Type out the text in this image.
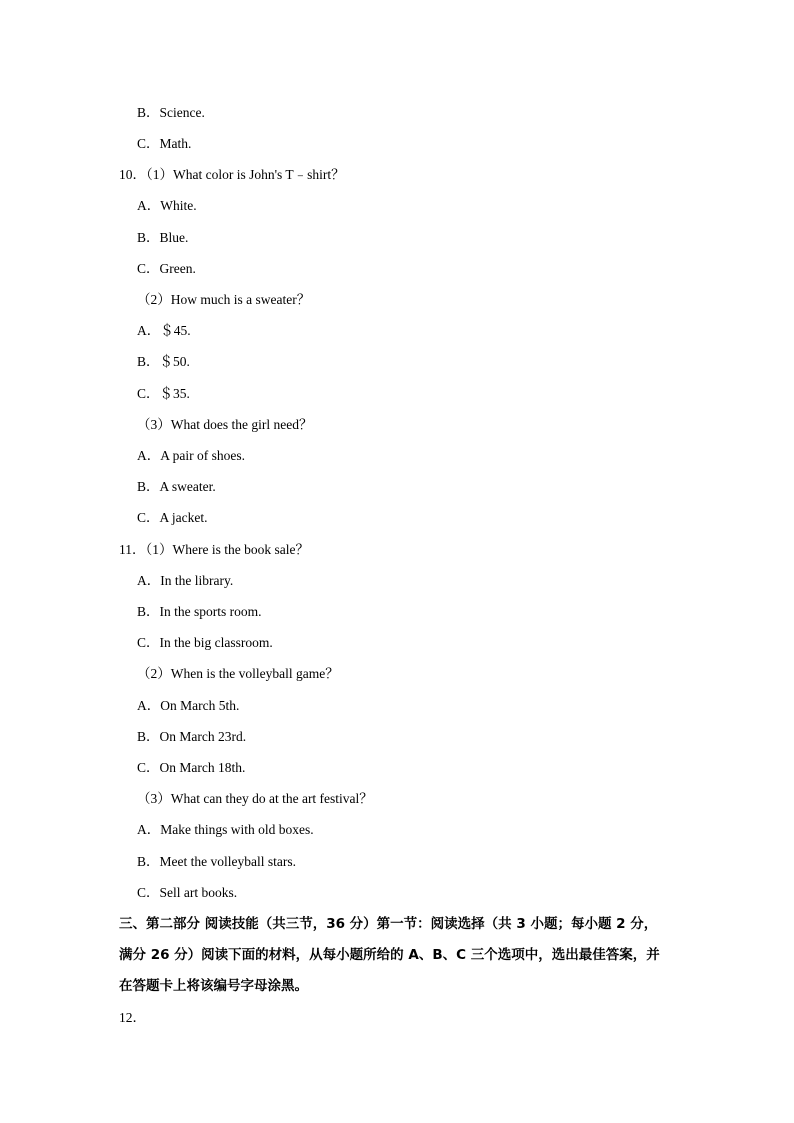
B．Science.
C．Math.
10．（1）What color is John's T﹣shirt？
A．White.
B．Blue.
C．Green.
（2）How much is a sweater？
A．＄45.
B．＄50.
C．＄35.
（3）What does the girl need？
A．A pair of shoes.
B．A sweater.
C．A jacket.
11．（1）Where is the book sale？
A．In the library.
B．In the sports room.
C．In the big classroom.
（2）When is the volleyball game？
A．On March 5th.
B．On March 23rd.
C．On March 18th.
（3）What can they do at the art festival？
A．Make things with old boxes.
B．Meet the volleyball stars.
C．Sell art books.
三、第二部分 阅读技能（共三节，36 分）第一节：阅读选择（共 3 小题；每小题 2 分，
满分 26 分）阅读下面的材料，从每小题所给的 A、B、C 三个选项中，选出最佳答案，并
在答题卡上将该编号字母涂黑。
12．
